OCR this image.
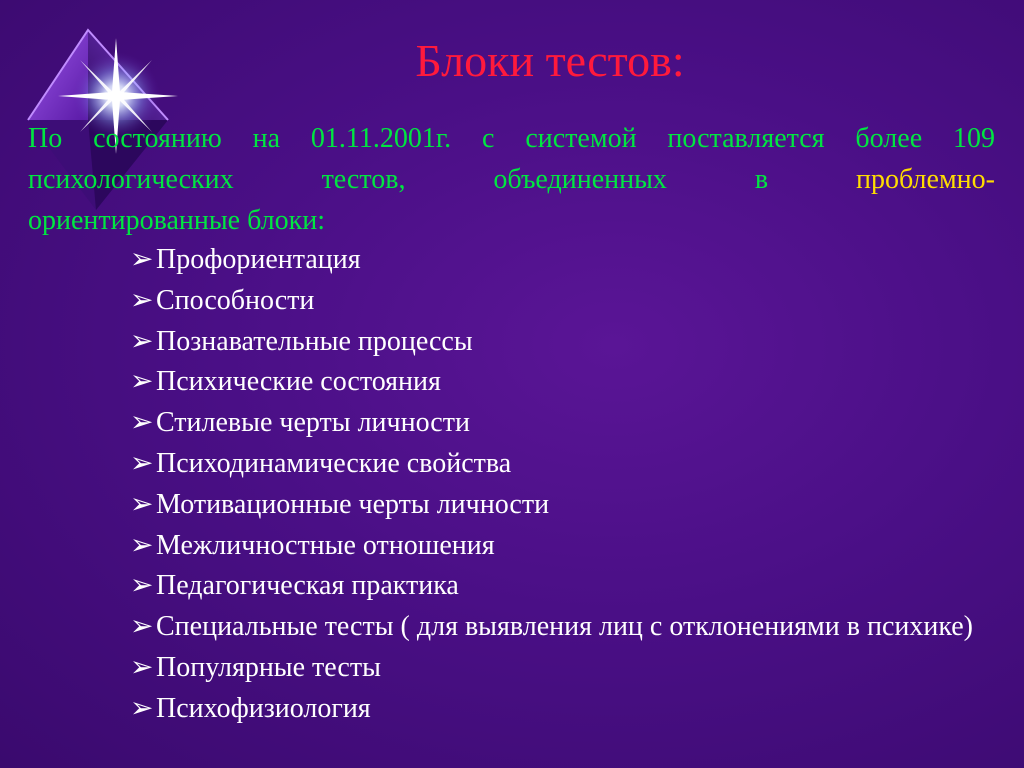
Блоки тестов:
По состоянию на 01.11.2001г. с системой поставляется более 109
психологических	тестов,	объединенных	в	проблемно-
ориентированные блоки:
➢ Профориентация
➢ Способности
➢ Познавательные процессы
➢ Психические состояния
➢ Стилевые черты личности
➢ Психодинамические свойства
➢ Мотивационные черты личности
➢ Межличностные отношения
➢ Педагогическая практика
➢ Специальные тесты ( для выявления лиц с отклонениями в психике)
➢ Популярные тесты
➢ Психофизиология
